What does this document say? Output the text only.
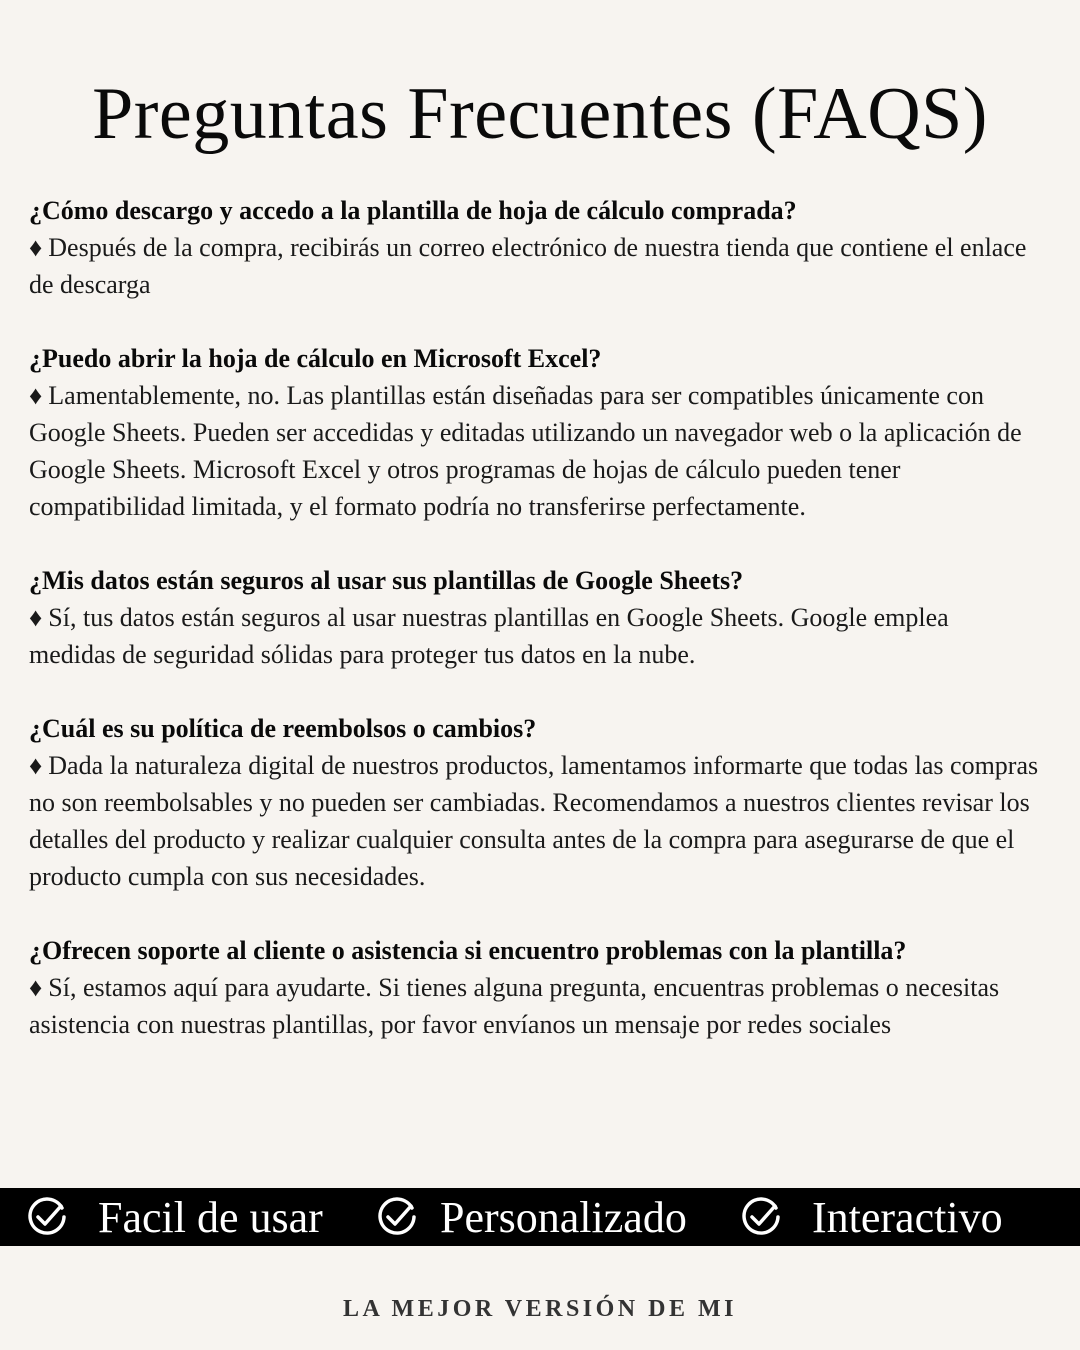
Preguntas Frecuentes (FAQS)
¿Cómo descargo y accedo a la plantilla de hoja de cálculo comprada?
♦ Después de la compra, recibirás un correo electrónico de nuestra tienda que contiene el enlace de descarga
¿Puedo abrir la hoja de cálculo en Microsoft Excel?
♦ Lamentablemente, no. Las plantillas están diseñadas para ser compatibles únicamente con Google Sheets. Pueden ser accedidas y editadas utilizando un navegador web o la aplicación de Google Sheets. Microsoft Excel y otros programas de hojas de cálculo pueden tener compatibilidad limitada, y el formato podría no transferirse perfectamente.
¿Mis datos están seguros al usar sus plantillas de Google Sheets?
♦ Sí, tus datos están seguros al usar nuestras plantillas en Google Sheets. Google emplea medidas de seguridad sólidas para proteger tus datos en la nube.
¿Cuál es su política de reembolsos o cambios?
♦ Dada la naturaleza digital de nuestros productos, lamentamos informarte que todas las compras no son reembolsables y no pueden ser cambiadas. Recomendamos a nuestros clientes revisar los detalles del producto y realizar cualquier consulta antes de la compra para asegurarse de que el producto cumpla con sus necesidades.
¿Ofrecen soporte al cliente o asistencia si encuentro problemas con la plantilla?
♦ Sí, estamos aquí para ayudarte. Si tienes alguna pregunta, encuentras problemas o necesitas asistencia con nuestras plantillas, por favor envíanos un mensaje por redes sociales
Facil de usar	Personalizado	Interactivo
LA MEJOR VERSIÓN DE MI
